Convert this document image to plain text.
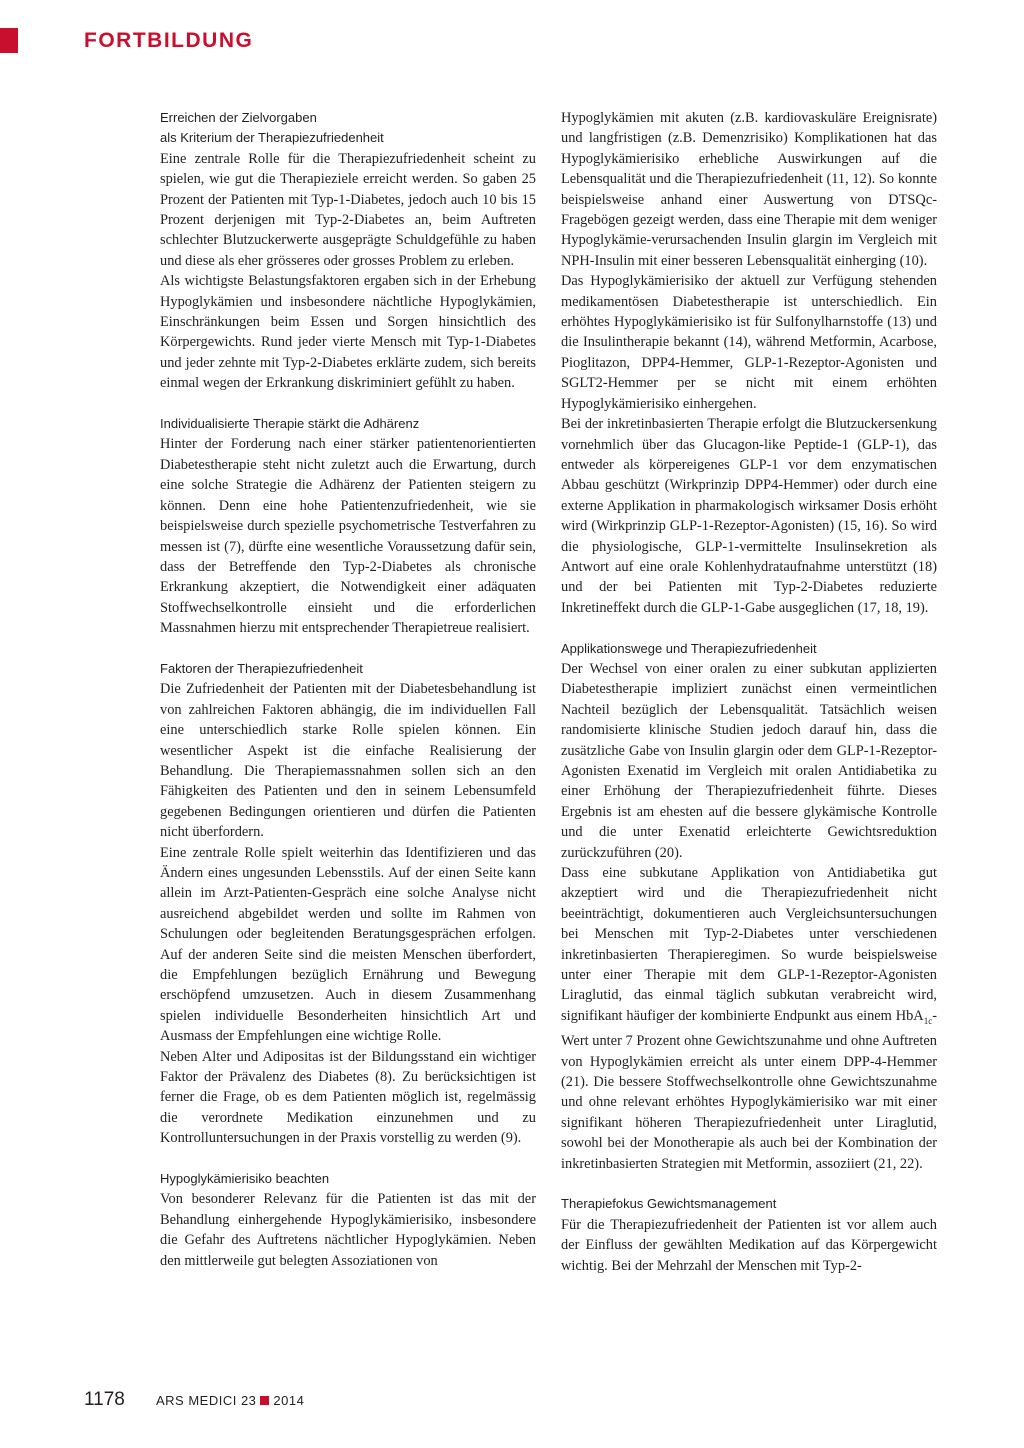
FORTBILDUNG
Erreichen der Zielvorgaben
als Kriterium der Therapiezufriedenheit

Eine zentrale Rolle für die Therapiezufriedenheit scheint zu spielen, wie gut die Therapieziele erreicht werden. So gaben 25 Prozent der Patienten mit Typ-1-Diabetes, jedoch auch 10 bis 15 Prozent derjenigen mit Typ-2-Diabetes an, beim Auftreten schlechter Blutzuckerwerte ausgeprägte Schuldgefühle zu haben und diese als eher grösseres oder grosses Problem zu erleben.

Als wichtigste Belastungsfaktoren ergaben sich in der Erhebung Hypoglykämien und insbesondere nächtliche Hypoglykämien, Einschränkungen beim Essen und Sorgen hinsichtlich des Körpergewichts. Rund jeder vierte Mensch mit Typ-1-Diabetes und jeder zehnte mit Typ-2-Diabetes erklärte zudem, sich bereits einmal wegen der Erkrankung diskriminiert gefühlt zu haben.

Individualisierte Therapie stärkt die Adhärenz

Hinter der Forderung nach einer stärker patientenorientierten Diabetestherapie steht nicht zuletzt auch die Erwartung, durch eine solche Strategie die Adhärenz der Patienten steigern zu können. Denn eine hohe Patientenzufriedenheit, wie sie beispielsweise durch spezielle psychometrische Testverfahren zu messen ist (7), dürfte eine wesentliche Voraussetzung dafür sein, dass der Betreffende den Typ-2-Diabetes als chronische Erkrankung akzeptiert, die Notwendigkeit einer adäquaten Stoffwechselkontrolle einsieht und die erforderlichen Massnahmen hierzu mit entsprechender Therapietreue realisiert.

Faktoren der Therapiezufriedenheit

Die Zufriedenheit der Patienten mit der Diabetesbehandlung ist von zahlreichen Faktoren abhängig, die im individuellen Fall eine unterschiedlich starke Rolle spielen können. Ein wesentlicher Aspekt ist die einfache Realisierung der Behandlung. Die Therapiemassnahmen sollen sich an den Fähigkeiten des Patienten und den in seinem Lebensumfeld gegebenen Bedingungen orientieren und dürfen die Patienten nicht überfordern.

Eine zentrale Rolle spielt weiterhin das Identifizieren und das Ändern eines ungesunden Lebensstils. Auf der einen Seite kann allein im Arzt-Patienten-Gespräch eine solche Analyse nicht ausreichend abgebildet werden und sollte im Rahmen von Schulungen oder begleitenden Beratungsgesprächen erfolgen. Auf der anderen Seite sind die meisten Menschen überfordert, die Empfehlungen bezüglich Ernährung und Bewegung erschöpfend umzusetzen. Auch in diesem Zusammenhang spielen individuelle Besonderheiten hinsichtlich Art und Ausmass der Empfehlungen eine wichtige Rolle.

Neben Alter und Adipositas ist der Bildungsstand ein wichtiger Faktor der Prävalenz des Diabetes (8). Zu berücksichtigen ist ferner die Frage, ob es dem Patienten möglich ist, regelmässig die verordnete Medikation einzunehmen und zu Kontrolluntersuchungen in der Praxis vorstellig zu werden (9).

Hypoglykämierisiko beachten

Von besonderer Relevanz für die Patienten ist das mit der Behandlung einhergehende Hypoglykämierisiko, insbesondere die Gefahr des Auftretens nächtlicher Hypoglykämien. Neben den mittlerweile gut belegten Assoziationen von

Hypoglykämien mit akuten (z.B. kardiovaskuläre Ereignisrate) und langfristigen (z.B. Demenzrisiko) Komplikationen hat das Hypoglykämierisiko erhebliche Auswirkungen auf die Lebensqualität und die Therapiezufriedenheit (11, 12). So konnte beispielsweise anhand einer Auswertung von DTSQc-Fragebögen gezeigt werden, dass eine Therapie mit dem weniger Hypoglykämie-verursachenden Insulin glargin im Vergleich mit NPH-Insulin mit einer besseren Lebensqualität einherging (10).

Das Hypoglykämierisiko der aktuell zur Verfügung stehenden medikamentösen Diabetestherapie ist unterschiedlich. Ein erhöhtes Hypoglykämierisiko ist für Sulfonylharnstoffe (13) und die Insulintherapie bekannt (14), während Metformin, Acarbose, Pioglitazon, DPP4-Hemmer, GLP-1-Rezeptor-Agonisten und SGLT2-Hemmer per se nicht mit einem erhöhten Hypoglykämierisiko einhergehen.

Bei der inkretinbasierten Therapie erfolgt die Blutzuckersenkung vornehmlich über das Glucagon-like Peptide-1 (GLP-1), das entweder als körpereigenes GLP-1 vor dem enzymatischen Abbau geschützt (Wirkprinzip DPP4-Hemmer) oder durch eine externe Applikation in pharmakologisch wirksamer Dosis erhöht wird (Wirkprinzip GLP-1-Rezeptor-Agonisten) (15, 16). So wird die physiologische, GLP-1-vermittelte Insulinsekretion als Antwort auf eine orale Kohlenhydrataufnahme unterstützt (18) und der bei Patienten mit Typ-2-Diabetes reduzierte Inkretineffekt durch die GLP-1-Gabe ausgeglichen (17, 18, 19).

Applikationswege und Therapiezufriedenheit

Der Wechsel von einer oralen zu einer subkutan applizierten Diabetestherapie impliziert zunächst einen vermeintlichen Nachteil bezüglich der Lebensqualität. Tatsächlich weisen randomisierte klinische Studien jedoch darauf hin, dass die zusätzliche Gabe von Insulin glargin oder dem GLP-1-Rezeptor-Agonisten Exenatid im Vergleich mit oralen Antidiabetika zu einer Erhöhung der Therapiezufriedenheit führte. Dieses Ergebnis ist am ehesten auf die bessere glykämische Kontrolle und die unter Exenatid erleichterte Gewichtsreduktion zurückzuführen (20).

Dass eine subkutane Applikation von Antidiabetika gut akzeptiert wird und die Therapiezufriedenheit nicht beeinträchtigt, dokumentieren auch Vergleichsuntersuchungen bei Menschen mit Typ-2-Diabetes unter verschiedenen inkretinbasierten Therapieregimen. So wurde beispielsweise unter einer Therapie mit dem GLP-1-Rezeptor-Agonisten Liraglutid, das einmal täglich subkutan verabreicht wird, signifikant häufiger der kombinierte Endpunkt aus einem HbA$_{1c}$-Wert unter 7 Prozent ohne Gewichtszunahme und ohne Auftreten von Hypoglykämien erreicht als unter einem DPP-4-Hemmer (21). Die bessere Stoffwechselkontrolle ohne Gewichtszunahme und ohne relevant erhöhtes Hypoglykämierisiko war mit einer signifikant höheren Therapiezufriedenheit unter Liraglutid, sowohl bei der Monotherapie als auch bei der Kombination der inkretinbasierten Strategien mit Metformin, assoziiert (21, 22).

Therapiefokus Gewichtsmanagement

Für die Therapiezufriedenheit der Patienten ist vor allem auch der Einfluss der gewählten Medikation auf das Körpergewicht wichtig. Bei der Mehrzahl der Menschen mit Typ-2-

1178	ARS MEDICI 23 2014
